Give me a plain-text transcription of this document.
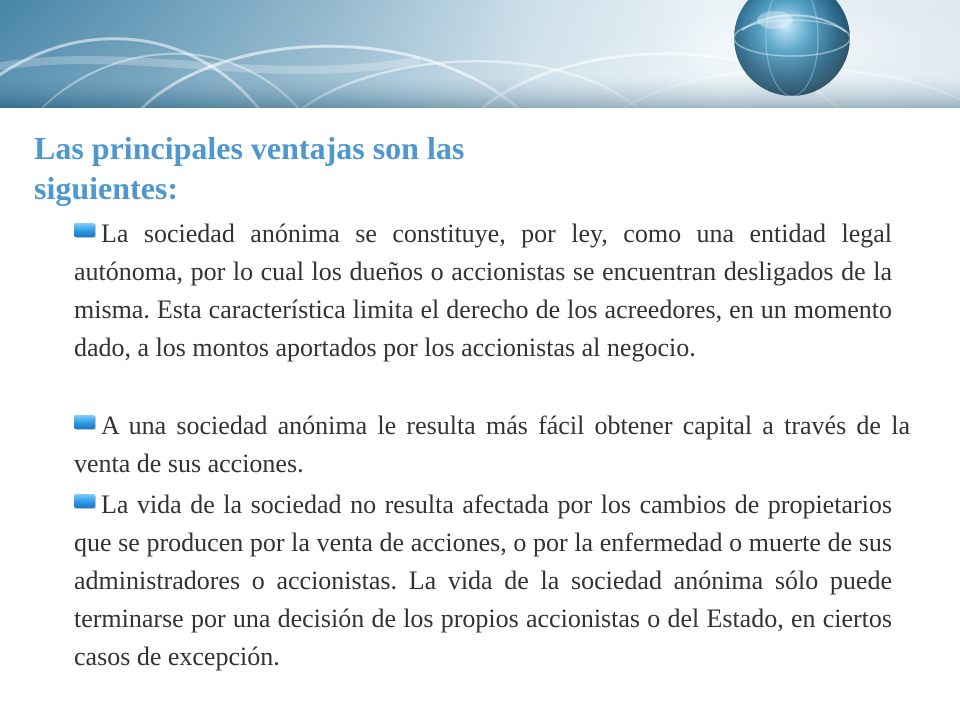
Las principales ventajas son las siguientes:

La sociedad anónima se constituye, por ley, como una entidad legal autónoma, por lo cual los dueños o accionistas se encuentran desligados de la misma. Esta característica limita el derecho de los acreedores, en un momento dado, a los montos aportados por los accionistas al negocio.

A una sociedad anónima le resulta más fácil obtener capital a través de la venta de sus acciones.

La vida de la sociedad no resulta afectada por los cambios de propietarios que se producen por la venta de acciones, o por la enfermedad o muerte de sus administradores o accionistas. La vida de la sociedad anónima sólo puede terminarse por una decisión de los propios accionistas o del Estado, en ciertos casos de excepción.
